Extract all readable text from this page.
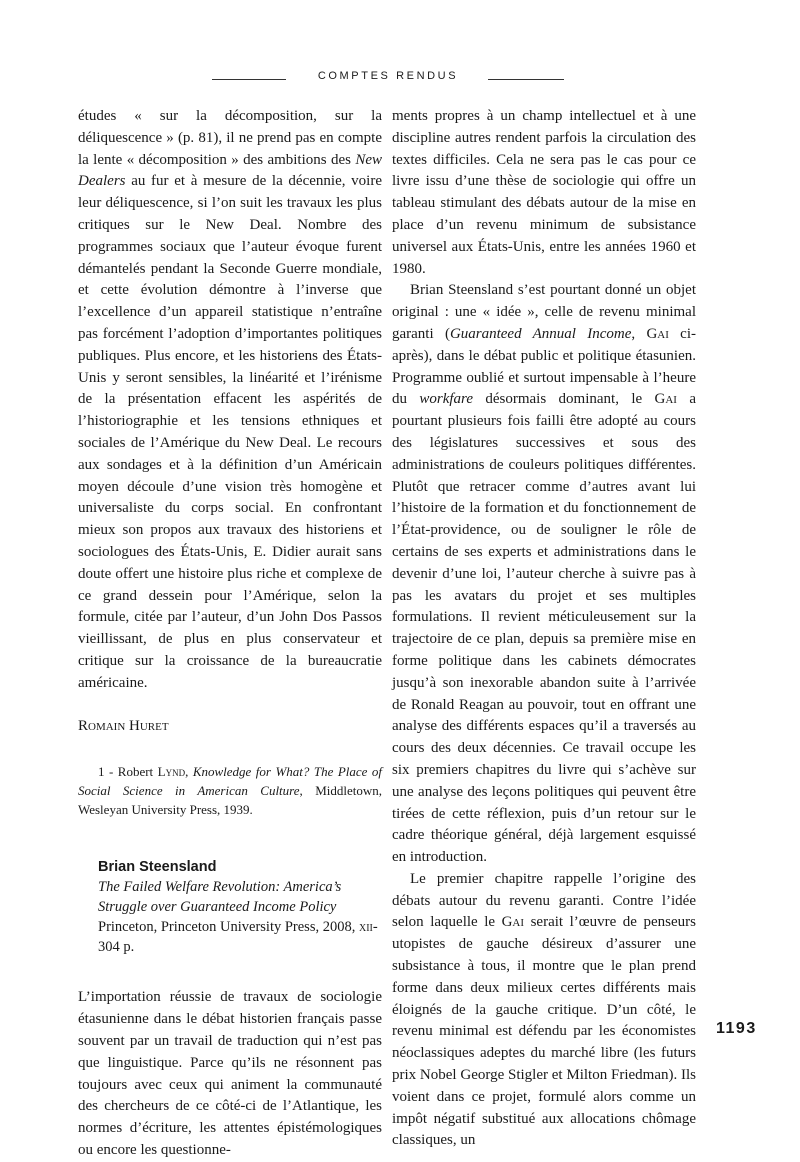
COMPTES RENDUS

études « sur la décomposition, sur la déliquescence » (p. 81), il ne prend pas en compte la lente « décomposition » des ambitions des New Dealers au fur et à mesure de la décennie, voire leur déliquescence, si l’on suit les travaux les plus critiques sur le New Deal. Nombre des programmes sociaux que l’auteur évoque furent démantelés pendant la Seconde Guerre mondiale, et cette évolution démontre à l’inverse que l’excellence d’un appareil statistique n’entraîne pas forcément l’adoption d’importantes politiques publiques. Plus encore, et les historiens des États-Unis y seront sensibles, la linéarité et l’irénisme de la présentation effacent les aspérités de l’historiographie et les tensions ethniques et sociales de l’Amérique du New Deal. Le recours aux sondages et à la définition d’un Américain moyen découle d’une vision très homogène et universaliste du corps social. En confrontant mieux son propos aux travaux des historiens et sociologues des États-Unis, E. Didier aurait sans doute offert une histoire plus riche et complexe de ce grand dessein pour l’Amérique, selon la formule, citée par l’auteur, d’un John Dos Passos vieillissant, de plus en plus conservateur et critique sur la croissance de la bureaucratie américaine.

Romain Huret

1 - Robert Lynd, Knowledge for What? The Place of Social Science in American Culture, Middletown, Wesleyan University Press, 1939.

Brian Steensland
The Failed Welfare Revolution: America’s Struggle over Guaranteed Income Policy
Princeton, Princeton University Press, 2008, xii-304 p.

L’importation réussie de travaux de sociologie étasunienne dans le débat historien français passe souvent par un travail de traduction qui n’est pas que linguistique. Parce qu’ils ne résonnent pas toujours avec ceux qui animent la communauté des chercheurs de ce côté-ci de l’Atlantique, les normes d’écriture, les attentes épistémologiques ou encore les questionne-

ments propres à un champ intellectuel et à une discipline autres rendent parfois la circulation des textes difficiles. Cela ne sera pas le cas pour ce livre issu d’une thèse de sociologie qui offre un tableau stimulant des débats autour de la mise en place d’un revenu minimum de subsistance universel aux États-Unis, entre les années 1960 et 1980.

Brian Steensland s’est pourtant donné un objet original : une « idée », celle de revenu minimal garanti (Guaranteed Annual Income, Gai ci-après), dans le débat public et politique étasunien. Programme oublié et surtout impensable à l’heure du workfare désormais dominant, le Gai a pourtant plusieurs fois failli être adopté au cours des législatures successives et sous des administrations de couleurs politiques différentes. Plutôt que retracer comme d’autres avant lui l’histoire de la formation et du fonctionnement de l’État-providence, ou de souligner le rôle de certains de ses experts et administrations dans le devenir d’une loi, l’auteur cherche à suivre pas à pas les avatars du projet et ses multiples formulations. Il revient méticuleusement sur la trajectoire de ce plan, depuis sa première mise en forme politique dans les cabinets démocrates jusqu’à son inexorable abandon suite à l’arrivée de Ronald Reagan au pouvoir, tout en offrant une analyse des différents espaces qu’il a traversés au cours des deux décennies. Ce travail occupe les six premiers chapitres du livre qui s’achève sur une analyse des leçons politiques qui peuvent être tirées de cette réflexion, puis d’un retour sur le cadre théorique général, déjà largement esquissé en introduction.

Le premier chapitre rappelle l’origine des débats autour du revenu garanti. Contre l’idée selon laquelle le Gai serait l’œuvre de penseurs utopistes de gauche désireux d’assurer une subsistance à tous, il montre que le plan prend forme dans deux milieux certes différents mais éloignés de la gauche critique. D’un côté, le revenu minimal est défendu par les économistes néoclassiques adeptes du marché libre (les futurs prix Nobel George Stigler et Milton Friedman). Ils voient dans ce projet, formulé alors comme un impôt négatif substitué aux allocations chômage classiques, un

1193
